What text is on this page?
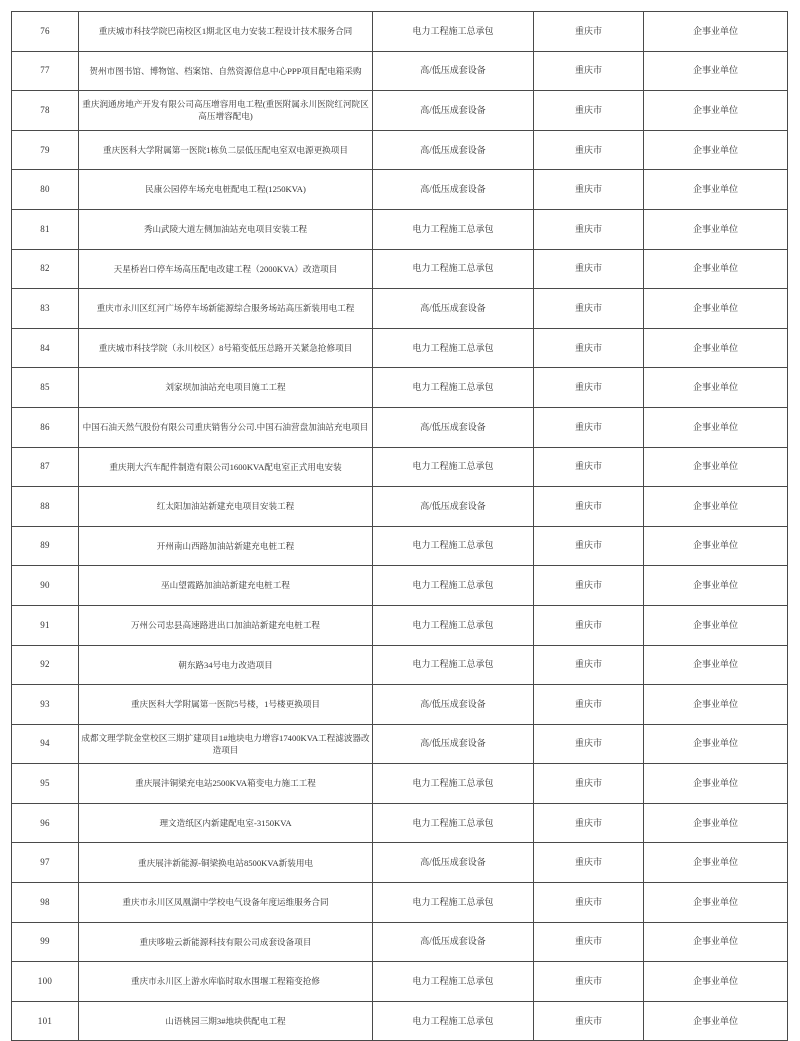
76	重庆城市科技学院巴南校区1期北区电力安装工程设计技术服务合同	电力工程施工总承包	重庆市	企事业单位
77	贺州市图书馆、博物馆、档案馆、自然资源信息中心PPP项目配电箱采购	高/低压成套设备	重庆市	企事业单位
78	重庆润通房地产开发有限公司高压增容用电工程(重医附属永川医院红河院区高压增容配电)	高/低压成套设备	重庆市	企事业单位
79	重庆医科大学附属第一医院1栋负二层低压配电室双电源更换项目	高/低压成套设备	重庆市	企事业单位
80	民康公园停车场充电桩配电工程(1250KVA)	高/低压成套设备	重庆市	企事业单位
81	秀山武陵大道左侧加油站充电项目安装工程	电力工程施工总承包	重庆市	企事业单位
82	天星桥岩口停车场高压配电改建工程（2000KVA）改造项目	电力工程施工总承包	重庆市	企事业单位
83	重庆市永川区红河广场停车场新能源综合服务场站高压新装用电工程	高/低压成套设备	重庆市	企事业单位
84	重庆城市科技学院（永川校区）8号箱变低压总路开关紧急抢修项目	电力工程施工总承包	重庆市	企事业单位
85	刘家坝加油站充电项目施工工程	电力工程施工总承包	重庆市	企事业单位
86	中国石油天然气股份有限公司重庆销售分公司.中国石油营盘加油站充电项目	高/低压成套设备	重庆市	企事业单位
87	重庆荆大汽车配件制造有限公司1600KVA配电室正式用电安装	电力工程施工总承包	重庆市	企事业单位
88	红太阳加油站新建充电项目安装工程	高/低压成套设备	重庆市	企事业单位
89	开州南山西路加油站新建充电桩工程	电力工程施工总承包	重庆市	企事业单位
90	巫山望霞路加油站新建充电桩工程	电力工程施工总承包	重庆市	企事业单位
91	万州公司忠县高速路进出口加油站新建充电桩工程	电力工程施工总承包	重庆市	企事业单位
92	朝东路34号电力改造项目	电力工程施工总承包	重庆市	企事业单位
93	重庆医科大学附属第一医院5号楼，1号楼更换项目	高/低压成套设备	重庆市	企事业单位
94	成都文理学院金堂校区三期扩建项目1#地块电力增容17400KVA工程滤波器改造项目	高/低压成套设备	重庆市	企事业单位
95	重庆展沣铜梁充电站2500KVA箱变电力施工工程	电力工程施工总承包	重庆市	企事业单位
96	理文造纸区内新建配电室-3150KVA	电力工程施工总承包	重庆市	企事业单位
97	重庆展沣新能源-铜梁换电站8500KVA新装用电	高/低压成套设备	重庆市	企事业单位
98	重庆市永川区凤凰湖中学校电气设备年度运维服务合同	电力工程施工总承包	重庆市	企事业单位
99	重庆哆啦云新能源科技有限公司成套设备项目	高/低压成套设备	重庆市	企事业单位
100	重庆市永川区上游水库临时取水围堰工程箱变抢修	电力工程施工总承包	重庆市	企事业单位
101	山语桃园三期3#地块供配电工程	电力工程施工总承包	重庆市	企事业单位
